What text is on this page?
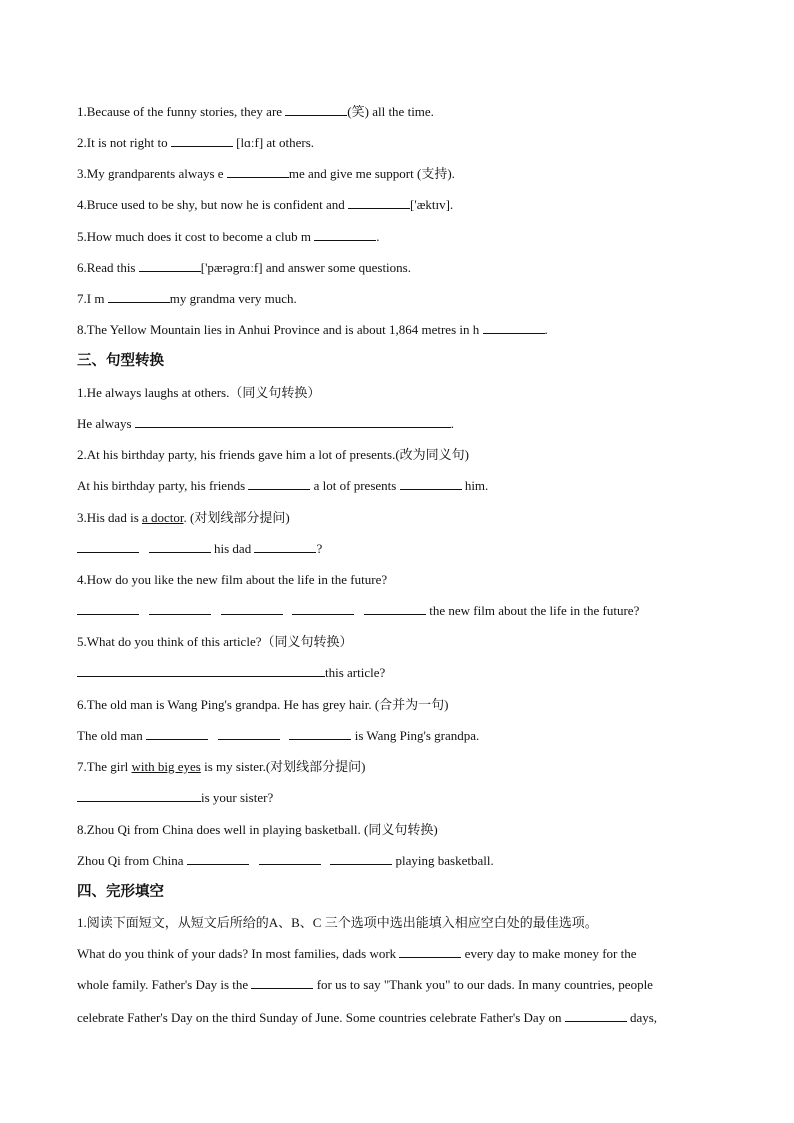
1.Because of the funny stories, they are	(笑) all the time.
2.It is not right to	[lɑːf] at others.
3.My grandparents always e	me and give me support (支持).
4.Bruce used to be shy, but now he is confident and	['æktɪv].
5.How much does it cost to become a club m	.
6.Read this	['pærəgrɑːf] and answer some questions.
7.I m	my grandma very much.
8.The Yellow Mountain lies in Anhui Province and is about 1,864 metres in h	.
三、句型转换
1.He always laughs at others.（同义句转换）
He always	.
2.At his birthday party, his friends gave him a lot of presents.(改为同义句)
At his birthday party, his friends	a lot of presents	him.
3.His dad is a doctor. (对划线部分提问)
his dad	?
4.How do you like the new film about the life in the future?
the new film about the life in the future?
5.What do you think of this article?（同义句转换）
this article?
6.The old man is Wang Ping's grandpa. He has grey hair. (合并为一句)
The old man	is Wang Ping's grandpa.
7.The girl with big eyes is my sister.(对划线部分提问)
is your sister?
8.Zhou Qi from China does well in playing basketball. (同义句转换)
Zhou Qi from China	playing basketball.
四、完形填空
1.阅读下面短文，从短文后所给的A、B、C 三个选项中选出能填入相应空白处的最佳选项。
What do you think of your dads? In most families, dads work	every day to make money for the
whole family. Father's Day is the	for us to say "Thank you" to our dads. In many countries, people
celebrate Father's Day on the third Sunday of June. Some countries celebrate Father's Day on	days,
